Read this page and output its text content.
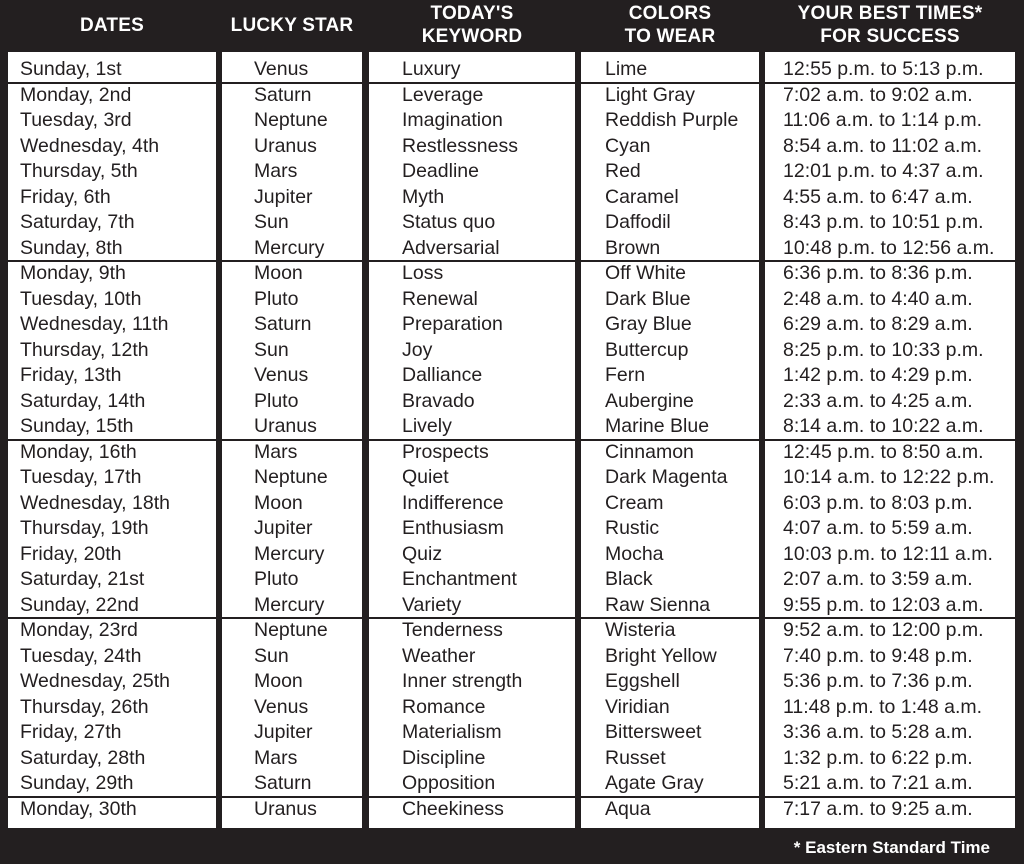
DATES	LUCKY STAR
TODAY'S
KEYWORD
COLORS
TO WEAR
YOUR BEST TIMES*
FOR SUCCESS
Sunday, 1st
Monday, 2nd
Tuesday, 3rd
Wednesday, 4th
Thursday, 5th
Friday, 6th
Saturday, 7th
Sunday, 8th
Monday, 9th
Tuesday, 10th
Wednesday, 11th
Thursday, 12th
Friday, 13th
Saturday, 14th
Sunday, 15th
Monday, 16th
Tuesday, 17th
Wednesday, 18th
Thursday, 19th
Friday, 20th
Saturday, 21st
Sunday, 22nd
Monday, 23rd
Tuesday, 24th
Wednesday, 25th
Thursday, 26th
Friday, 27th
Saturday, 28th
Sunday, 29th
Monday, 30th
Venus
Saturn
Neptune
Uranus
Mars
Jupiter
Sun
Mercury
Moon
Pluto
Saturn
Sun
Venus
Pluto
Uranus
Mars
Neptune
Moon
Jupiter
Mercury
Pluto
Mercury
Neptune
Sun
Moon
Venus
Jupiter
Mars
Saturn
Uranus
Luxury
Leverage
Imagination
Restlessness
Deadline
Myth
Status quo
Adversarial
Loss
Renewal
Preparation
Joy
Dalliance
Bravado
Lively
Prospects
Quiet
Indifference
Enthusiasm
Quiz
Enchantment
Variety
Tenderness
Weather
Inner strength
Romance
Materialism
Discipline
Opposition
Cheekiness
Lime
Light Gray
Reddish Purple
Cyan
Red
Caramel
Daffodil
Brown
Off White
Dark Blue
Gray Blue
Buttercup
Fern
Aubergine
Marine Blue
Cinnamon
Dark Magenta
Cream
Rustic
Mocha
Black
Raw Sienna
Wisteria
Bright Yellow
Eggshell
Viridian
Bittersweet
Russet
Agate Gray
Aqua
12:55 p.m. to 5:13 p.m.
7:02 a.m. to 9:02 a.m.
11:06 a.m. to 1:14 p.m.
8:54 a.m. to 11:02 a.m.
12:01 p.m. to 4:37 a.m.
4:55 a.m. to 6:47 a.m.
8:43 p.m. to 10:51 p.m.
10:48 p.m. to 12:56 a.m.
6:36 p.m. to 8:36 p.m.
2:48 a.m. to 4:40 a.m.
6:29 a.m. to 8:29 a.m.
8:25 p.m. to 10:33 p.m.
1:42 p.m. to 4:29 p.m.
2:33 a.m. to 4:25 a.m.
8:14 a.m. to 10:22 a.m.
12:45 p.m. to 8:50 a.m.
10:14 a.m. to 12:22 p.m.
6:03 p.m. to 8:03 p.m.
4:07 a.m. to 5:59 a.m.
10:03 p.m. to 12:11 a.m.
2:07 a.m. to 3:59 a.m.
9:55 p.m. to 12:03 a.m.
9:52 a.m. to 12:00 p.m.
7:40 p.m. to 9:48 p.m.
5:36 p.m. to 7:36 p.m.
11:48 p.m. to 1:48 a.m.
3:36 a.m. to 5:28 a.m.
1:32 p.m. to 6:22 p.m.
5:21 a.m. to 7:21 a.m.
7:17 a.m. to 9:25 a.m.
* Eastern Standard Time
